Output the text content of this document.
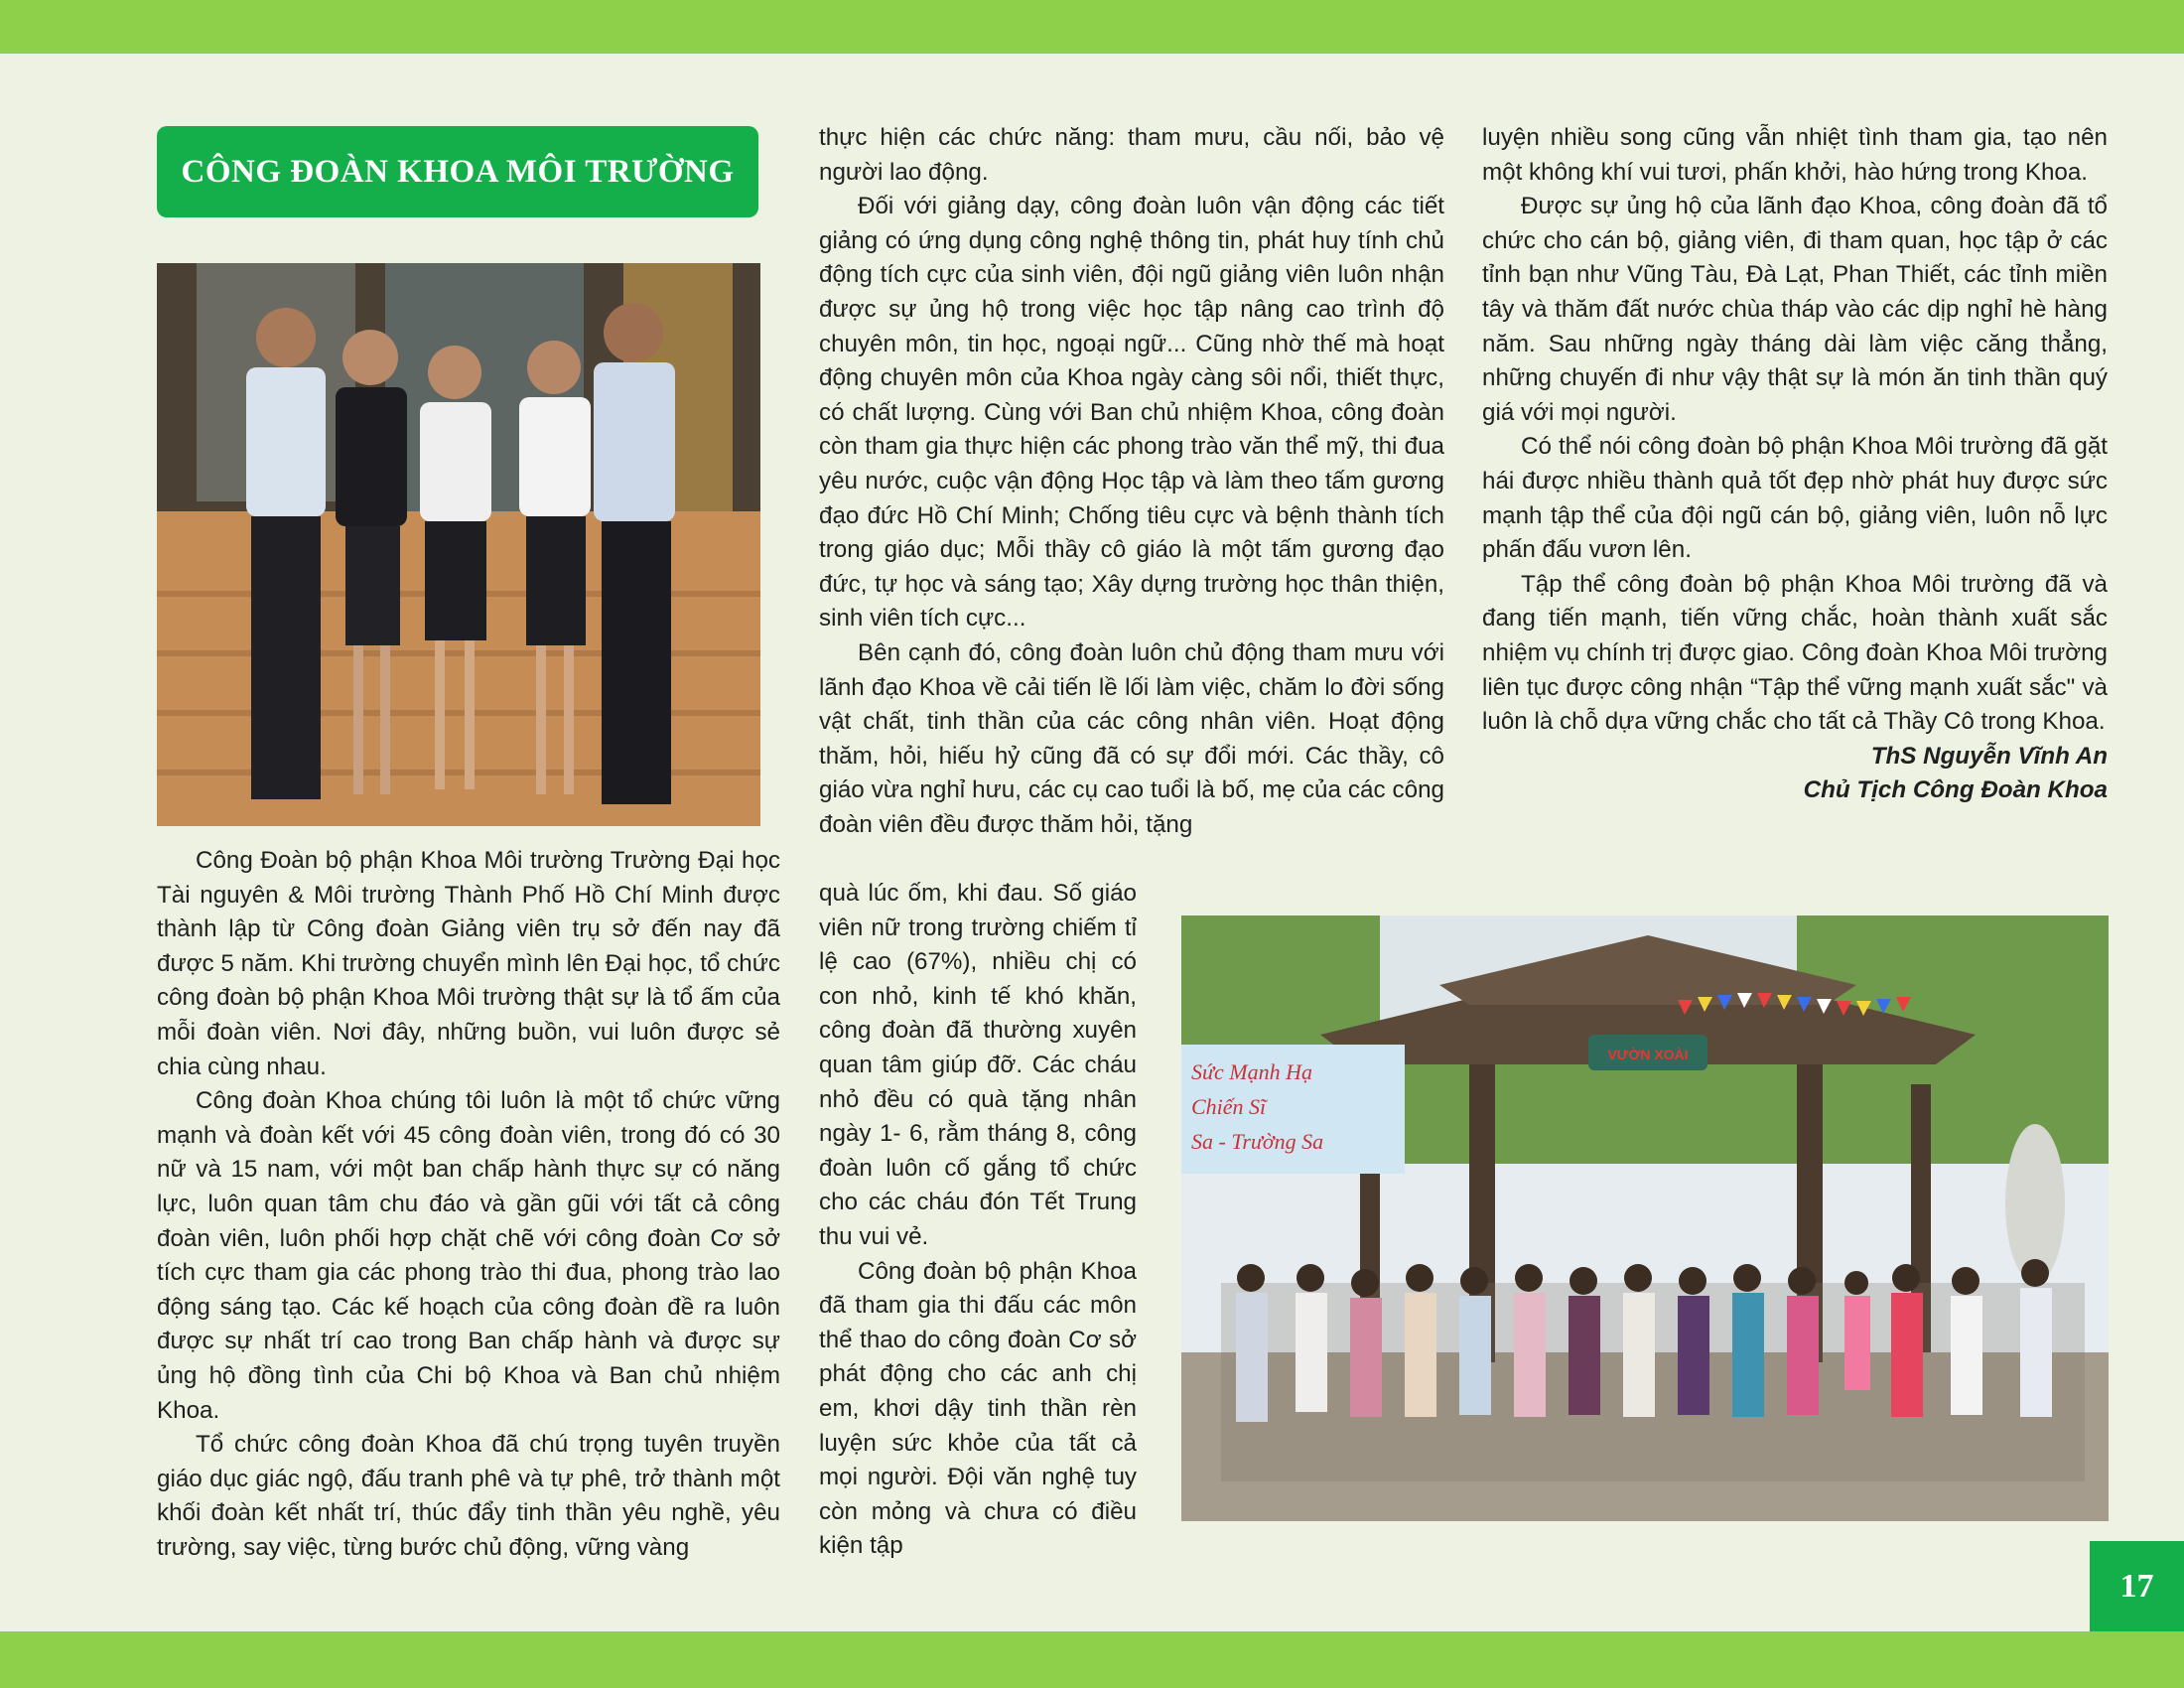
CÔNG ĐOÀN KHOA MÔI TRƯỜNG

Công Đoàn bộ phận Khoa Môi trường Trường Đại học Tài nguyên & Môi trường Thành Phố Hồ Chí Minh được thành lập từ Công đoàn Giảng viên trụ sở đến nay đã được 5 năm. Khi trường chuyển mình lên Đại học, tổ chức công đoàn bộ phận Khoa Môi trường thật sự là tổ ấm của mỗi đoàn viên. Nơi đây, những buồn, vui luôn được sẻ chia cùng nhau.

Công đoàn Khoa chúng tôi luôn là một tổ chức vững mạnh và đoàn kết với 45 công đoàn viên, trong đó có 30 nữ và 15 nam, với một ban chấp hành thực sự có năng lực, luôn quan tâm chu đáo và gần gũi với tất cả công đoàn viên, luôn phối hợp chặt chẽ với công đoàn Cơ sở tích cực tham gia các phong trào thi đua, phong trào lao động sáng tạo. Các kế hoạch của công đoàn đề ra luôn được sự nhất trí cao trong Ban chấp hành và được sự ủng hộ đồng tình của Chi bộ Khoa và Ban chủ nhiệm Khoa.

Tổ chức công đoàn Khoa đã chú trọng tuyên truyền giáo dục giác ngộ, đấu tranh phê và tự phê, trở thành một khối đoàn kết nhất trí, thúc đẩy tinh thần yêu nghề, yêu trường, say việc, từng bước chủ động, vững vàng

thực hiện các chức năng: tham mưu, cầu nối, bảo vệ người lao động.

Đối với giảng dạy, công đoàn luôn vận động các tiết giảng có ứng dụng công nghệ thông tin, phát huy tính chủ động tích cực của sinh viên, đội ngũ giảng viên luôn nhận được sự ủng hộ trong việc học tập nâng cao trình độ chuyên môn, tin học, ngoại ngữ... Cũng nhờ thế mà hoạt động chuyên môn của Khoa ngày càng sôi nổi, thiết thực, có chất lượng. Cùng với Ban chủ nhiệm Khoa, công đoàn còn tham gia thực hiện các phong trào văn thể mỹ, thi đua yêu nước, cuộc vận động Học tập và làm theo tấm gương đạo đức Hồ Chí Minh; Chống tiêu cực và bệnh thành tích trong giáo dục; Mỗi thầy cô giáo là một tấm gương đạo đức, tự học và sáng tạo; Xây dựng trường học thân thiện, sinh viên tích cực...

Bên cạnh đó, công đoàn luôn chủ động tham mưu với lãnh đạo Khoa về cải tiến lề lối làm việc, chăm lo đời sống vật chất, tinh thần của các công nhân viên. Hoạt động thăm, hỏi, hiếu hỷ cũng đã có sự đổi mới. Các thầy, cô giáo vừa nghỉ hưu, các cụ cao tuổi là bố, mẹ của các công đoàn viên đều được thăm hỏi, tặng

quà lúc ốm, khi đau. Số giáo viên nữ trong trường chiếm tỉ lệ cao (67%), nhiều chị có con nhỏ, kinh tế khó khăn, công đoàn đã thường xuyên quan tâm giúp đỡ. Các cháu nhỏ đều có quà tặng nhân ngày 1- 6, rằm tháng 8, công đoàn luôn cố gắng tổ chức cho các cháu đón Tết Trung thu vui vẻ.

Công đoàn bộ phận Khoa đã tham gia thi đấu các môn thể thao do công đoàn Cơ sở phát động cho các anh chị em, khơi dậy tinh thần rèn luyện sức khỏe của tất cả mọi người. Đội văn nghệ tuy còn mỏng và chưa có điều kiện tập

luyện nhiều song cũng vẫn nhiệt tình tham gia, tạo nên một không khí vui tươi, phấn khởi, hào hứng trong Khoa.

Được sự ủng hộ của lãnh đạo Khoa, công đoàn đã tổ chức cho cán bộ, giảng viên, đi tham quan, học tập ở các tỉnh bạn như Vũng Tàu, Đà Lạt, Phan Thiết, các tỉnh miền tây và thăm đất nước chùa tháp vào các dịp nghỉ hè hàng năm. Sau những ngày tháng dài làm việc căng thẳng, những chuyến đi như vậy thật sự là món ăn tinh thần quý giá với mọi người.

Có thể nói công đoàn bộ phận Khoa Môi trường đã gặt hái được nhiều thành quả tốt đẹp nhờ phát huy được sức mạnh tập thể của đội ngũ cán bộ, giảng viên, luôn nỗ lực phấn đấu vươn lên.

Tập thể công đoàn bộ phận Khoa Môi trường đã và đang tiến mạnh, tiến vững chắc, hoàn thành xuất sắc nhiệm vụ chính trị được giao. Công đoàn Khoa Môi trường liên tục được công nhận “Tập thể vững mạnh xuất sắc" và luôn là chỗ dựa vững chắc cho tất cả Thầy Cô trong Khoa.

ThS Nguyễn Vĩnh An

Chủ Tịch Công Đoàn Khoa

VƯỜN XOÀI
Sức Mạnh Hạ
Chiến Sĩ
Sa - Trường Sa
17
